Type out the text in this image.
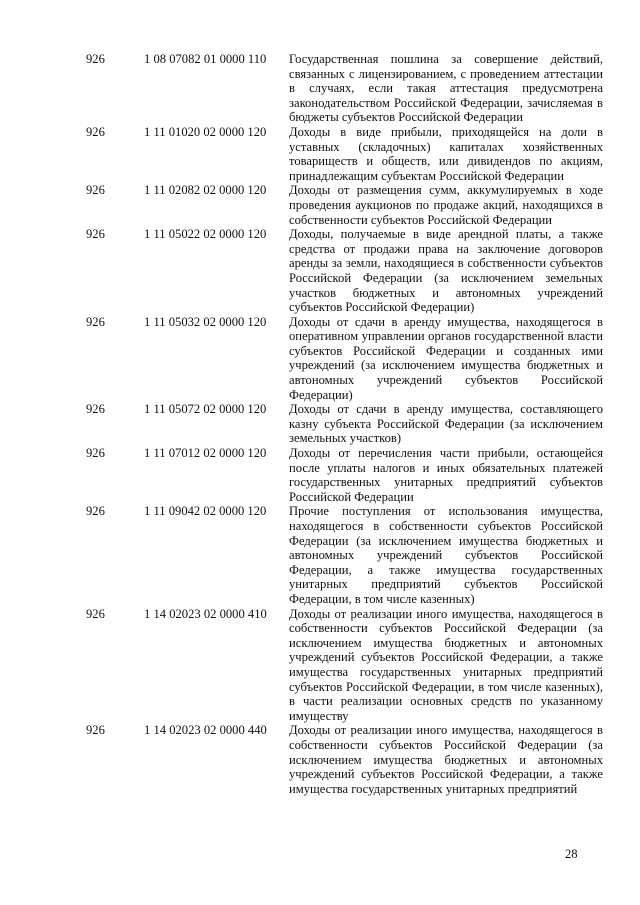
926	1 08 07082 01 0000 110 Государственная пошлина за совершение действий, связанных с лицензированием, с проведением аттестации в случаях, если такая аттестация предусмотрена законодательством Российской Федерации, зачисляемая в бюджеты субъектов Российской Федерации
926	1 11 01020 02 0000 120 Доходы в виде прибыли, приходящейся на доли в уставных (складочных) капиталах хозяйственных товариществ и обществ, или дивидендов по акциям, принадлежащим субъектам Российской Федерации
926	1 11 02082 02 0000 120 Доходы от размещения сумм, аккумулируемых в ходе проведения аукционов по продаже акций, находящихся в собственности субъектов Российской Федерации
926	1 11 05022 02 0000 120 Доходы, получаемые в виде арендной платы, а также средства от продажи права на заключение договоров аренды за земли, находящиеся в собственности субъектов Российской Федерации (за исключением земельных участков бюджетных и автономных учреждений субъектов Российской Федерации)
926	1 11 05032 02 0000 120 Доходы от сдачи в аренду имущества, находящегося в оперативном управлении органов государственной власти субъектов Российской Федерации и созданных ими учреждений (за исключением имущества бюджетных и автономных учреждений субъектов Российской Федерации)
926	1 11 05072 02 0000 120 Доходы от сдачи в аренду имущества, составляющего казну субъекта Российской Федерации (за исключением земельных участков)
926	1 11 07012 02 0000 120 Доходы от перечисления части прибыли, остающейся после уплаты налогов и иных обязательных платежей государственных унитарных предприятий субъектов Российской Федерации
926	1 11 09042 02 0000 120 Прочие поступления от использования имущества, находящегося в собственности субъектов Российской Федерации (за исключением имущества бюджетных и автономных учреждений субъектов Российской Федерации, а также имущества государственных унитарных предприятий субъектов Российской Федерации, в том числе казенных)
926	1 14 02023 02 0000 410 Доходы от реализации иного имущества, находящегося в собственности субъектов Российской Федерации (за исключением имущества бюджетных и автономных учреждений субъектов Российской Федерации, а также имущества государственных унитарных предприятий субъектов Российской Федерации, в том числе казенных), в части реализации основных средств по указанному имуществу
926	1 14 02023 02 0000 440 Доходы от реализации иного имущества, находящегося в собственности субъектов Российской Федерации (за исключением имущества бюджетных и автономных учреждений субъектов Российской Федерации, а также имущества государственных унитарных предприятий
28
